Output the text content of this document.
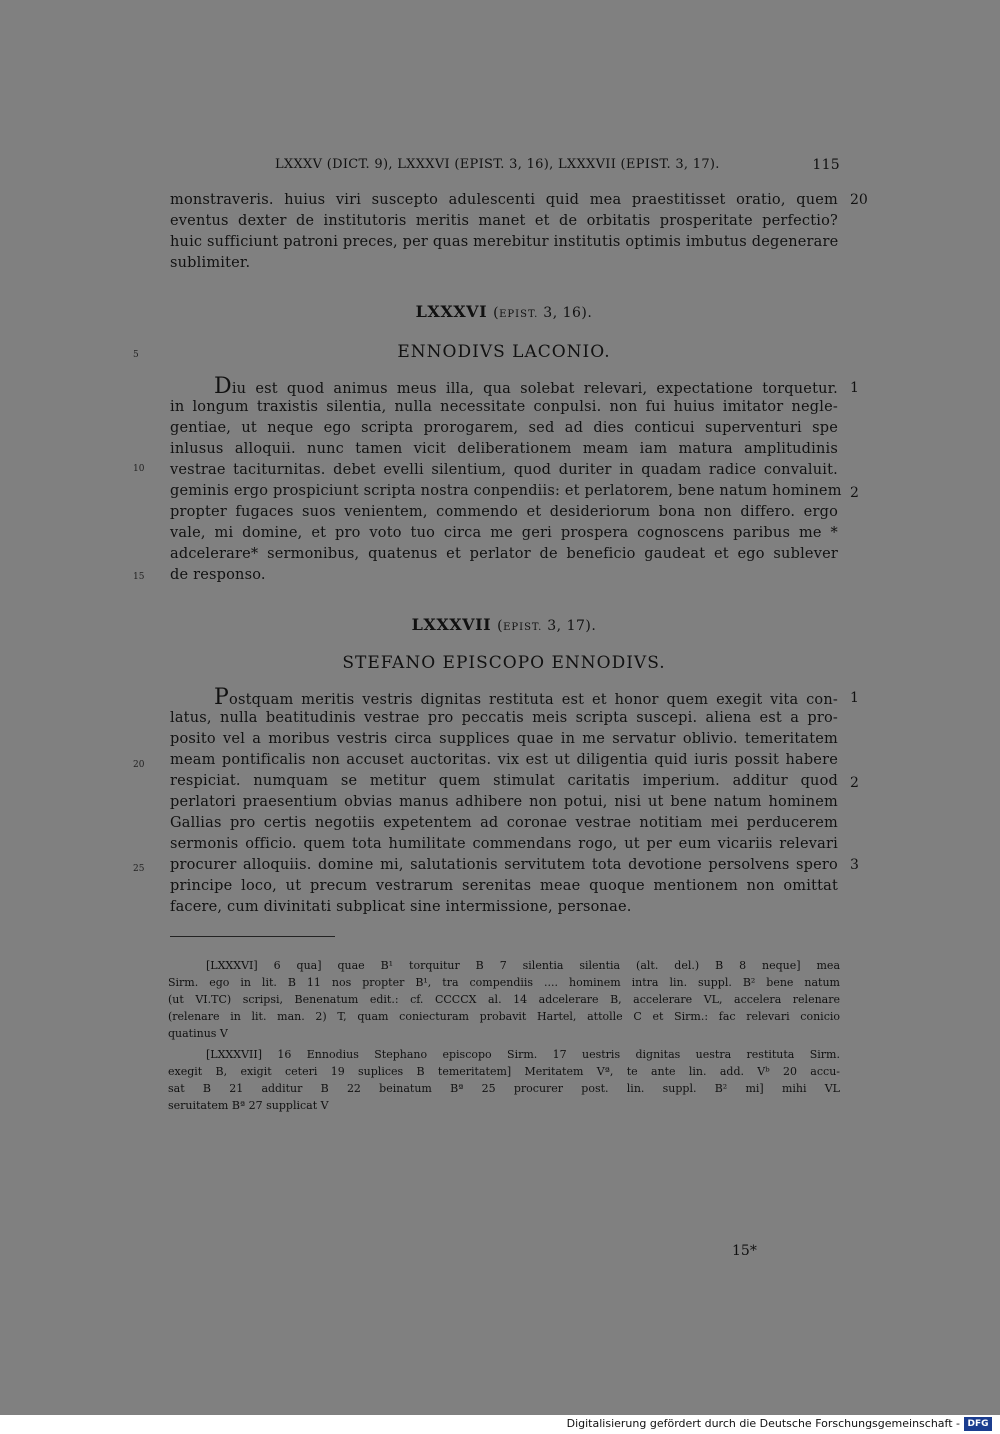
LXXXV (DICT. 9), LXXXVI (EPIST. 3, 16), LXXXVII (EPIST. 3, 17).	115
monstraveris. huius viri suscepto adulescenti quid mea praestitisset oratio, quem
eventus dexter de institutoris meritis manet et de orbitatis prosperitate perfectio?
huic sufficiunt patroni preces, per quas merebitur institutis optimis imbutus degenerare
sublimiter.
20
LXXXVI (EPIST. 3, 16).
ENNODIVS LACONIO.
5
Diu est quod animus meus illa, qua solebat relevari, expectatione torquetur.
in longum traxistis silentia, nulla necessitate conpulsi. non fui huius imitator negle-
gentiae, ut neque ego scripta prorogarem, sed ad dies conticui superventuri spe
inlusus alloquii. nunc tamen vicit deliberationem meam iam matura amplitudinis
vestrae taciturnitas. debet evelli silentium, quod duriter in quadam radice convaluit.
geminis ergo prospiciunt scripta nostra conpendiis: et perlatorem, bene natum hominem
propter fugaces suos venientem, commendo et desideriorum bona non differo. ergo
vale, mi domine, et pro voto tuo circa me geri prospera cognoscens paribus me *
adcelerare* sermonibus, quatenus et perlator de beneficio gaudeat et ego sublever
de responso.
1
2
10
15
LXXXVII (EPIST. 3, 17).
STEFANO EPISCOPO ENNODIVS.
Postquam meritis vestris dignitas restituta est et honor quem exegit vita con-
latus, nulla beatitudinis vestrae pro peccatis meis scripta suscepi. aliena est a pro-
posito vel a moribus vestris circa supplices quae in me servatur oblivio. temeritatem
meam pontificalis non accuset auctoritas. vix est ut diligentia quid iuris possit habere
respiciat. numquam se metitur quem stimulat caritatis imperium. additur quod
perlatori praesentium obvias manus adhibere non potui, nisi ut bene natum hominem
Gallias pro certis negotiis expetentem ad coronae vestrae notitiam mei perducerem
sermonis officio. quem tota humilitate commendans rogo, ut per eum vicariis relevari
procurer alloquiis. domine mi, salutationis servitutem tota devotione persolvens spero
principe loco, ut precum vestrarum serenitas meae quoque mentionem non omittat
facere, cum divinitati subplicat sine intermissione, personae.
1
2
3
20
25
[LXXXVI] 6 qua] quae B¹ torquitur B 7 silentia silentia (alt. del.) B 8 neque] mea
Sirm. ego in lit. B 11 nos propter B¹, tra compendiis .... hominem intra lin. suppl. B² bene natum
(ut VI.TC) scripsi, Benenatum edit.: cf. CCCCX al. 14 adcelerare B, accelerare VL, accelera relenare
(relenare in lit. man. 2) T, quam coniecturam probavit Hartel, attolle C et Sirm.: fac relevari conicio
quatinus V
[LXXXVII] 16 Ennodius Stephano episcopo Sirm. 17 uestris dignitas uestra restituta Sirm.
exegit B, exigit ceteri 19 suplices B temeritatem] Meritatem Vª, te ante lin. add. Vᵇ 20 accu-
sat B 21 additur B 22 beinatum Bª 25 procurer post. lin. suppl. B² mi] mihi VL
seruitatem Bª 27 supplicat V
15*
Digitalisierung gefördert durch die Deutsche Forschungsgemeinschaft - DFG
